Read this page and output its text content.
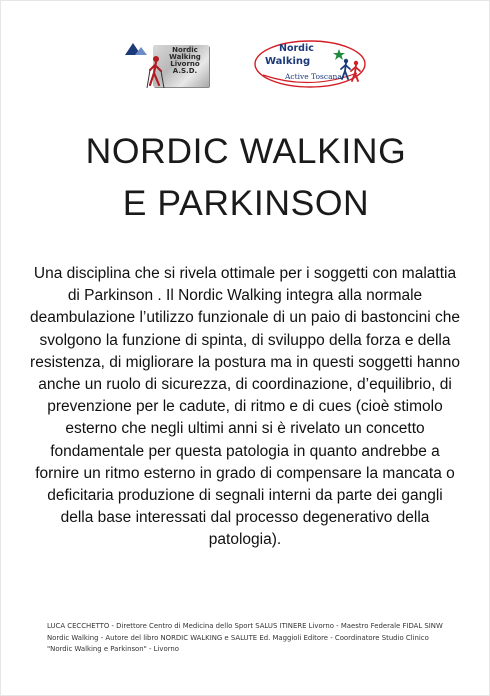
Nordic
Walking
Livorno
A.S.D.
Nordic
Walking
Active Toscana
NORDIC WALKING
E PARKINSON

Una disciplina che si rivela ottimale per i soggetti con malattia di Parkinson . Il Nordic Walking integra alla normale deambulazione l’utilizzo funzionale di un paio di bastoncini che svolgono la funzione di spinta, di sviluppo della forza e della resistenza, di migliorare la postura ma in questi soggetti hanno anche un ruolo di sicurezza, di coordinazione, d’equilibrio, di prevenzione per le cadute, di ritmo e di cues (cioè stimolo esterno che negli ultimi anni si è rivelato un concetto fondamentale per questa patologia in quanto andrebbe a fornire un ritmo esterno in grado di compensare la mancata o deficitaria produzione di segnali interni da parte dei gangli della base interessati dal processo degenerativo della patologia).

LUCA CECCHETTO - Direttore Centro di Medicina dello Sport SALUS ITINERE Livorno - Maestro Federale FIDAL SINW Nordic Walking - Autore del libro NORDIC WALKING e SALUTE Ed. Maggioli Editore - Coordinatore Studio Clinico "Nordic Walking e Parkinson" - Livorno
